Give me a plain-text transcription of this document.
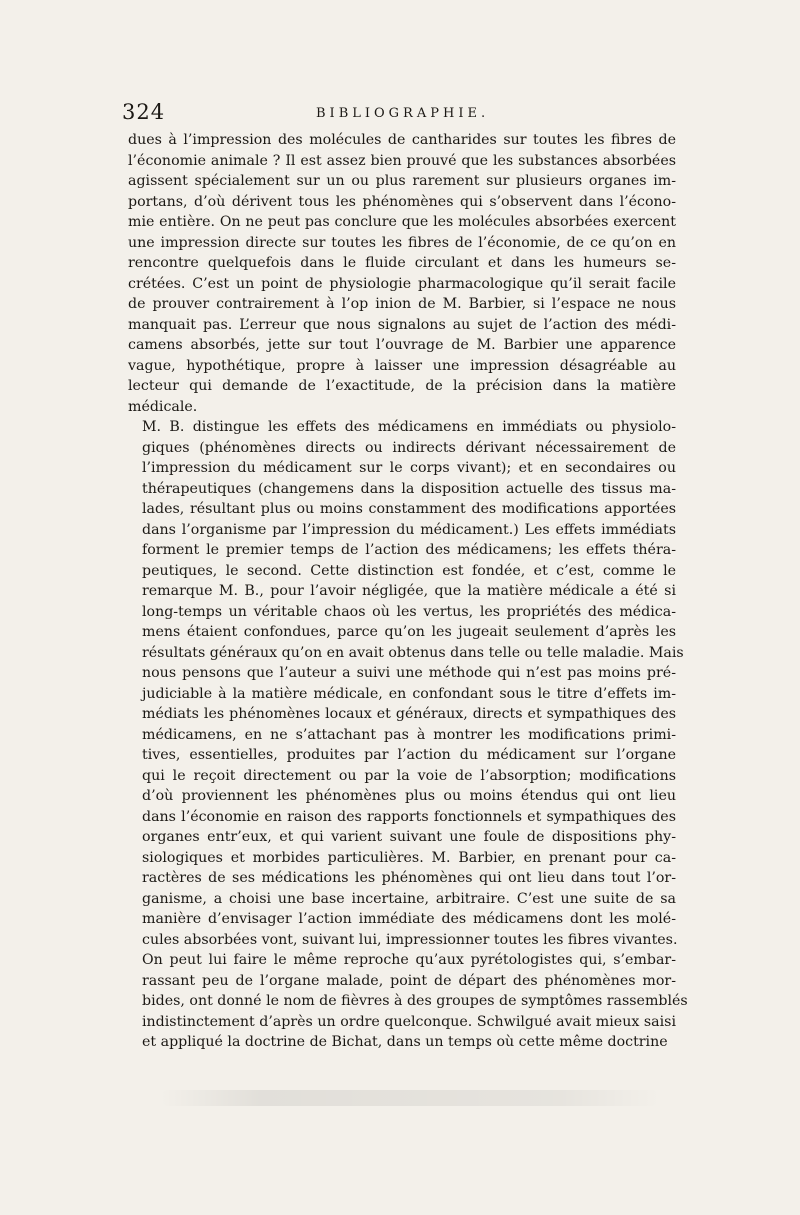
324	BIBLIOGRAPHIE.

dues à l’impression des molécules de cantharides sur toutes les fibres de
l’économie animale ? Il est assez bien prouvé que les substances absorbées
agissent spécialement sur un ou plus rarement sur plusieurs organes im-
portans, d’où dérivent tous les phénomènes qui s’observent dans l’écono-
mie entière. On ne peut pas conclure que les molécules absorbées exercent
une impression directe sur toutes les fibres de l’économie, de ce qu’on en
rencontre quelquefois dans le fluide circulant et dans les humeurs se-
crétées. C’est un point de physiologie pharmacologique qu’il serait facile
de prouver contrairement à l’op inion de M. Barbier, si l’espace ne nous
manquait pas. L’erreur que nous signalons au sujet de l’action des médi-
camens absorbés, jette sur tout l’ouvrage de M. Barbier une apparence
vague, hypothétique, propre à laisser une impression désagréable au
lecteur qui demande de l’exactitude, de la précision dans la matière
médicale.

M. B. distingue les effets des médicamens en immédiats ou physiolo-
giques (phénomènes directs ou indirects dérivant nécessairement de
l’impression du médicament sur le corps vivant); et en secondaires ou
thérapeutiques (changemens dans la disposition actuelle des tissus ma-
lades, résultant plus ou moins constamment des modifications apportées
dans l’organisme par l’impression du médicament.) Les effets immédiats
forment le premier temps de l’action des médicamens; les effets théra-
peutiques, le second. Cette distinction est fondée, et c’est, comme le
remarque M. B., pour l’avoir négligée, que la matière médicale a été si
long-temps un véritable chaos où les vertus, les propriétés des médica-
mens étaient confondues, parce qu’on les jugeait seulement d’après les
résultats généraux qu’on en avait obtenus dans telle ou telle maladie. Mais
nous pensons que l’auteur a suivi une méthode qui n’est pas moins pré-
judiciable à la matière médicale, en confondant sous le titre d’effets im-
médiats les phénomènes locaux et généraux, directs et sympathiques des
médicamens, en ne s’attachant pas à montrer les modifications primi-
tives, essentielles, produites par l’action du médicament sur l’organe
qui le reçoit directement ou par la voie de l’absorption; modifications
d’où proviennent les phénomènes plus ou moins étendus qui ont lieu
dans l’économie en raison des rapports fonctionnels et sympathiques des
organes entr’eux, et qui varient suivant une foule de dispositions phy-
siologiques et morbides particulières. M. Barbier, en prenant pour ca-
ractères de ses médications les phénomènes qui ont lieu dans tout l’or-
ganisme, a choisi une base incertaine, arbitraire. C’est une suite de sa
manière d’envisager l’action immédiate des médicamens dont les molé-
cules absorbées vont, suivant lui, impressionner toutes les fibres vivantes.
On peut lui faire le même reproche qu’aux pyrétologistes qui, s’embar-
rassant peu de l’organe malade, point de départ des phénomènes mor-
bides, ont donné le nom de fièvres à des groupes de symptômes rassemblés
indistinctement d’après un ordre quelconque. Schwilgué avait mieux saisi
et appliqué la doctrine de Bichat, dans un temps où cette même doctrine
